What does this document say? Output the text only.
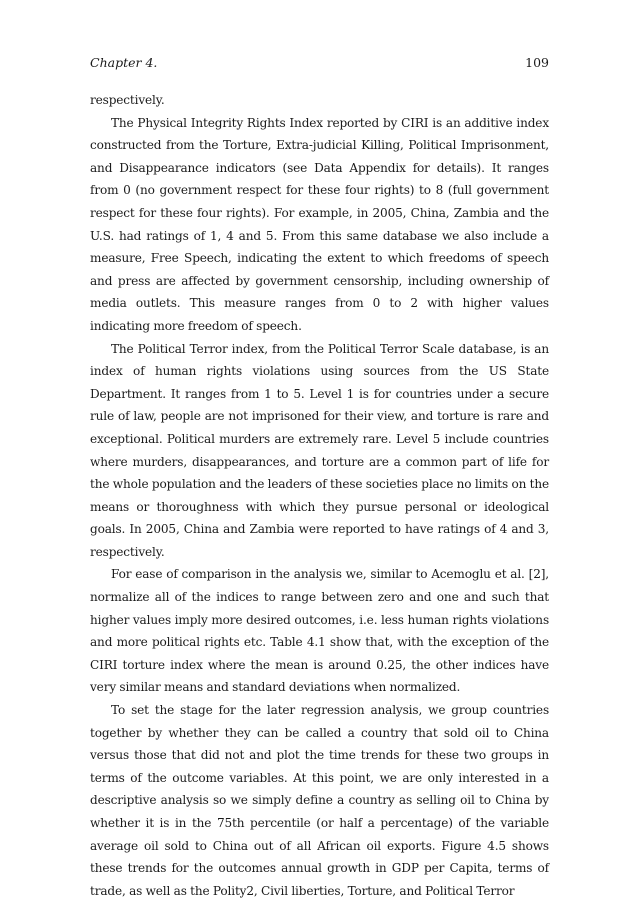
Chapter 4.	109

respectively.

The Physical Integrity Rights Index reported by CIRI is an additive index constructed from the Torture, Extra-judicial Killing, Political Imprisonment, and Disappearance indicators (see Data Appendix for details). It ranges from 0 (no government respect for these four rights) to 8 (full government respect for these four rights). For example, in 2005, China, Zambia and the U.S. had ratings of 1, 4 and 5. From this same database we also include a measure, Free Speech, indicating the extent to which freedoms of speech and press are affected by government censorship, including ownership of media outlets. This measure ranges from 0 to 2 with higher values indicating more freedom of speech.

The Political Terror index, from the Political Terror Scale database, is an index of human rights violations using sources from the US State Department. It ranges from 1 to 5. Level 1 is for countries under a secure rule of law, people are not imprisoned for their view, and torture is rare and exceptional. Political murders are extremely rare. Level 5 include countries where murders, disappearances, and torture are a common part of life for the whole population and the leaders of these societies place no limits on the means or thoroughness with which they pursue personal or ideological goals. In 2005, China and Zambia were reported to have ratings of 4 and 3, respectively.

For ease of comparison in the analysis we, similar to Acemoglu et al. [2], normalize all of the indices to range between zero and one and such that higher values imply more desired outcomes, i.e. less human rights violations and more political rights etc. Table 4.1 show that, with the exception of the CIRI torture index where the mean is around 0.25, the other indices have very similar means and standard deviations when normalized.

To set the stage for the later regression analysis, we group countries together by whether they can be called a country that sold oil to China versus those that did not and plot the time trends for these two groups in terms of the outcome variables. At this point, we are only interested in a descriptive analysis so we simply define a country as selling oil to China by whether it is in the 75th percentile (or half a percentage) of the variable average oil sold to China out of all African oil exports. Figure 4.5 shows these trends for the outcomes annual growth in GDP per Capita, terms of trade, as well as the Polity2, Civil liberties, Torture, and Political Terror
